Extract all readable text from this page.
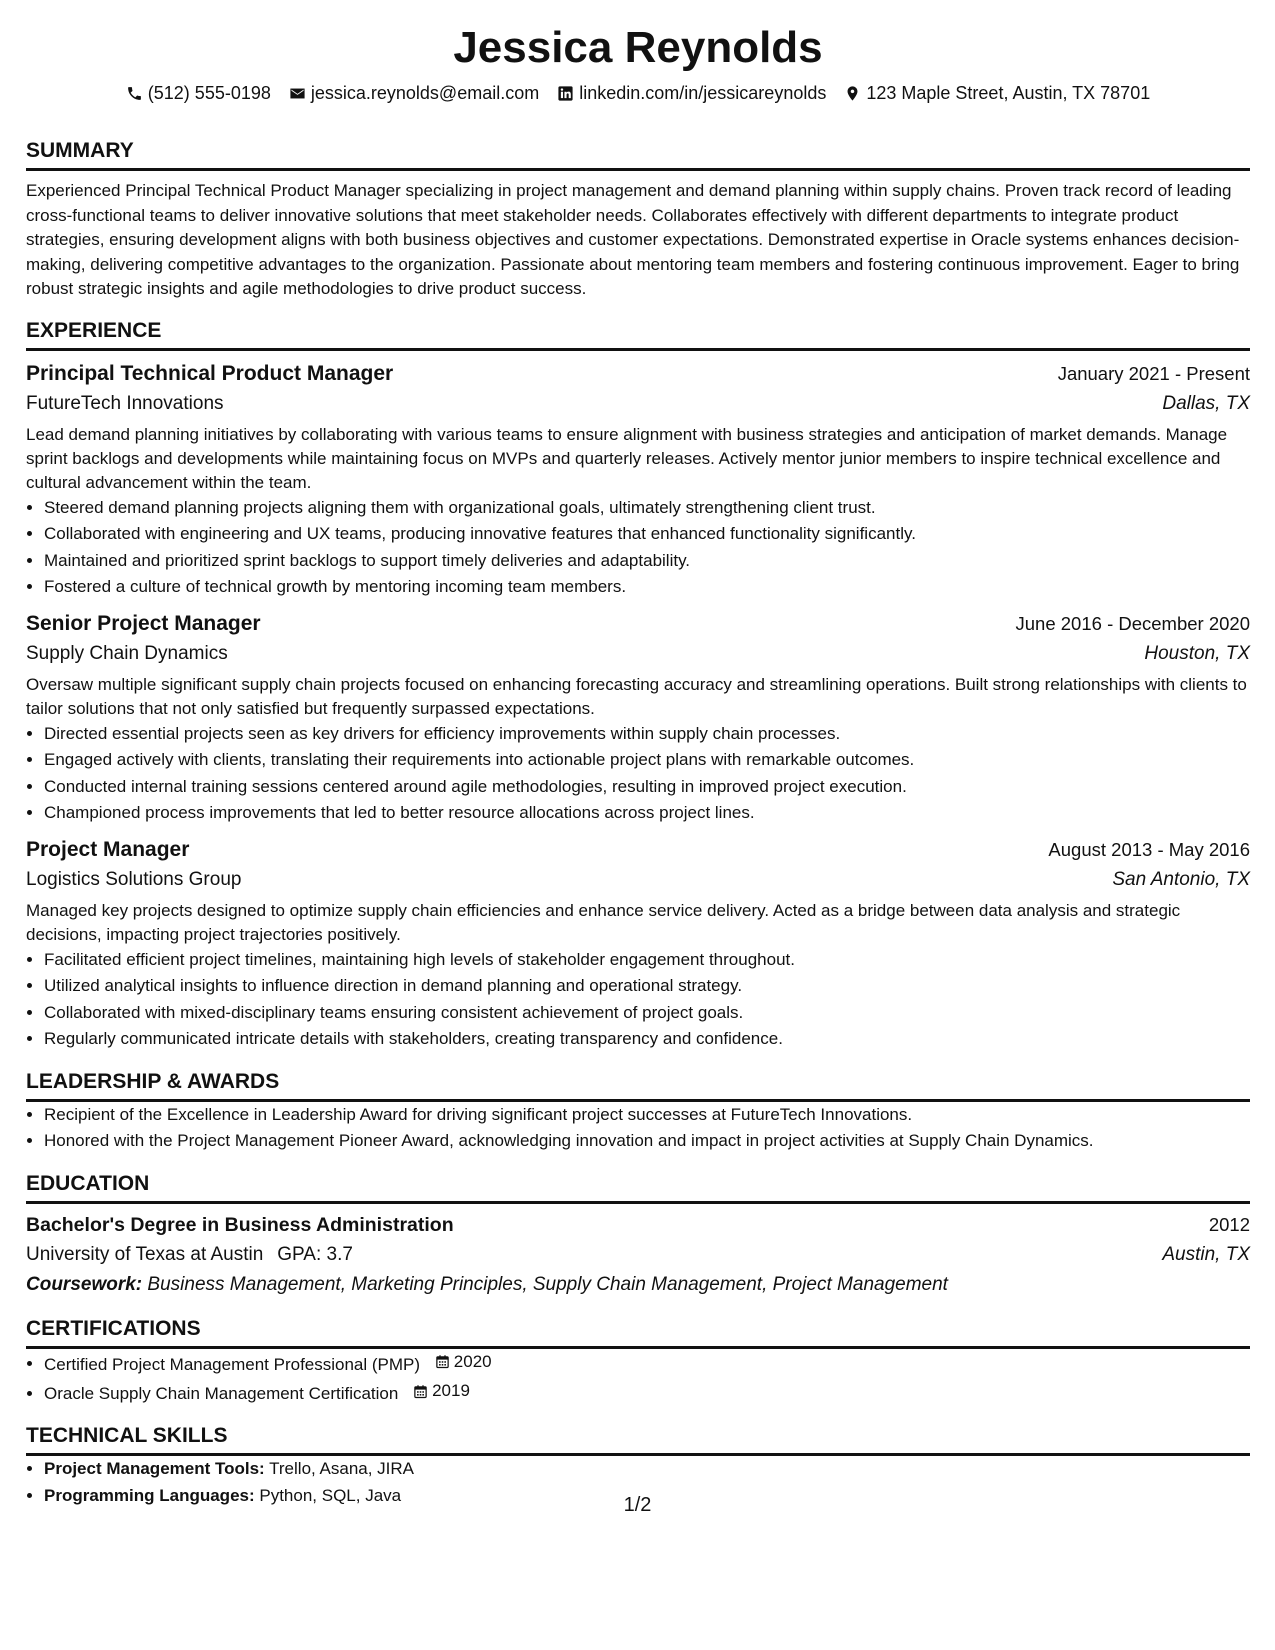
Jessica Reynolds
(512) 555-0198 jessica.reynolds@email.com linkedin.com/in/jessicareynolds 123 Maple Street, Austin, TX 78701
SUMMARY
Experienced Principal Technical Product Manager specializing in project management and demand planning within supply chains. Proven track record of leading cross-functional teams to deliver innovative solutions that meet stakeholder needs. Collaborates effectively with different departments to integrate product strategies, ensuring development aligns with both business objectives and customer expectations. Demonstrated expertise in Oracle systems enhances decision-making, delivering competitive advantages to the organization. Passionate about mentoring team members and fostering continuous improvement. Eager to bring robust strategic insights and agile methodologies to drive product success.
EXPERIENCE
Principal Technical Product Manager	January 2021 - Present
FutureTech Innovations	Dallas, TX
Lead demand planning initiatives by collaborating with various teams to ensure alignment with business strategies and anticipation of market demands. Manage sprint backlogs and developments while maintaining focus on MVPs and quarterly releases. Actively mentor junior members to inspire technical excellence and cultural advancement within the team.
• Steered demand planning projects aligning them with organizational goals, ultimately strengthening client trust.
• Collaborated with engineering and UX teams, producing innovative features that enhanced functionality significantly.
• Maintained and prioritized sprint backlogs to support timely deliveries and adaptability.
• Fostered a culture of technical growth by mentoring incoming team members.
Senior Project Manager	June 2016 - December 2020
Supply Chain Dynamics	Houston, TX
Oversaw multiple significant supply chain projects focused on enhancing forecasting accuracy and streamlining operations. Built strong relationships with clients to tailor solutions that not only satisfied but frequently surpassed expectations.
• Directed essential projects seen as key drivers for efficiency improvements within supply chain processes.
• Engaged actively with clients, translating their requirements into actionable project plans with remarkable outcomes.
• Conducted internal training sessions centered around agile methodologies, resulting in improved project execution.
• Championed process improvements that led to better resource allocations across project lines.
Project Manager	August 2013 - May 2016
Logistics Solutions Group	San Antonio, TX
Managed key projects designed to optimize supply chain efficiencies and enhance service delivery. Acted as a bridge between data analysis and strategic decisions, impacting project trajectories positively.
• Facilitated efficient project timelines, maintaining high levels of stakeholder engagement throughout.
• Utilized analytical insights to influence direction in demand planning and operational strategy.
• Collaborated with mixed-disciplinary teams ensuring consistent achievement of project goals.
• Regularly communicated intricate details with stakeholders, creating transparency and confidence.
LEADERSHIP & AWARDS
• Recipient of the Excellence in Leadership Award for driving significant project successes at FutureTech Innovations.
• Honored with the Project Management Pioneer Award, acknowledging innovation and impact in project activities at Supply Chain Dynamics.
EDUCATION
Bachelor's Degree in Business Administration	2012
University of Texas at Austin GPA: 3.7	Austin, TX
Coursework: Business Management, Marketing Principles, Supply Chain Management, Project Management
CERTIFICATIONS
• Certified Project Management Professional (PMP) 2020
• Oracle Supply Chain Management Certification 2019
TECHNICAL SKILLS
• Project Management Tools: Trello, Asana, JIRA
• Programming Languages: Python, SQL, Java	1/2
